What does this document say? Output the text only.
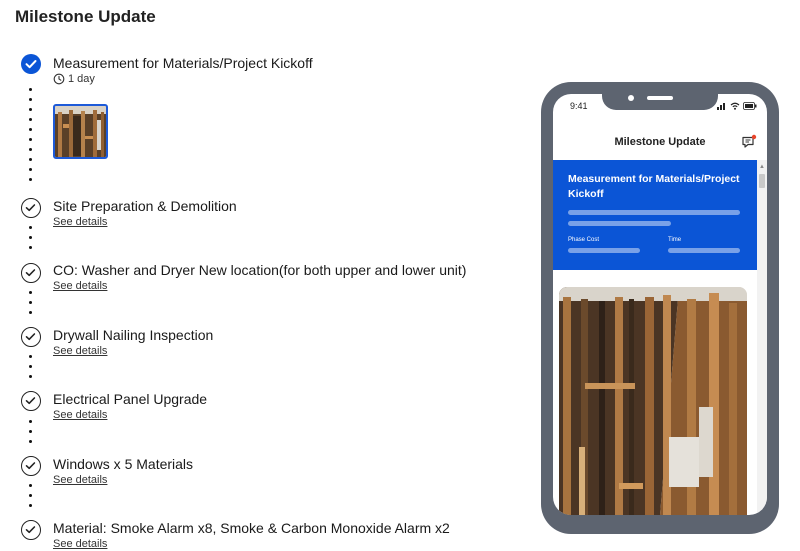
Milestone Update
Measurement for Materials/Project Kickoff
1 day
Site Preparation & Demolition
See details
CO: Washer and Dryer New location(for both upper and lower unit)
See details
Drywall Nailing Inspection
See details
Electrical Panel Upgrade
See details
Windows x 5 Materials
See details
Material: Smoke Alarm x8, Smoke & Carbon Monoxide Alarm x2
See details
9:41
Milestone Update
▲
Measurement for Materials/Project Kickoff
Phase Cost	Time
